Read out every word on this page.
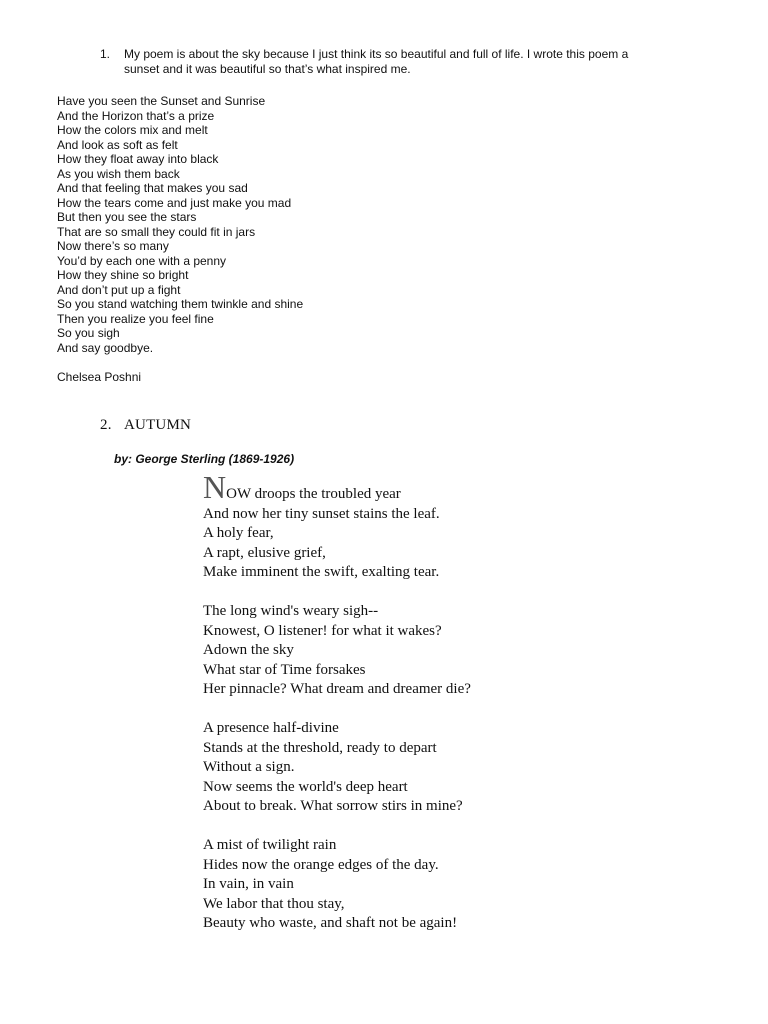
1.	My poem is about the sky because I just think its so beautiful and full of life. I wrote this poem a sunset and it was beautiful so that’s what inspired me.
Have you seen the Sunset and Sunrise
And the Horizon that’s a prize
How the colors mix and melt
And look as soft as felt
How they float away into black
As you wish them back
And that feeling that makes you sad
How the tears come and just make you mad
But then you see the stars
That are so small they could fit in jars
Now there’s so many
You’d by each one with a penny
How they shine so bright
And don’t put up a fight
So you stand watching them twinkle and shine
Then you realize you feel fine
So you sigh
And say goodbye.
Chelsea Poshni
2. AUTUMN
by: George Sterling (1869-1926)
NOW droops the troubled year
And now her tiny sunset stains the leaf.
A holy fear,
A rapt, elusive grief,
Make imminent the swift, exalting tear.
The long wind's weary sigh--
Knowest, O listener! for what it wakes?
Adown the sky
What star of Time forsakes
Her pinnacle? What dream and dreamer die?
A presence half-divine
Stands at the threshold, ready to depart
Without a sign.
Now seems the world's deep heart
About to break. What sorrow stirs in mine?
A mist of twilight rain
Hides now the orange edges of the day.
In vain, in vain
We labor that thou stay,
Beauty who waste, and shaft not be again!
